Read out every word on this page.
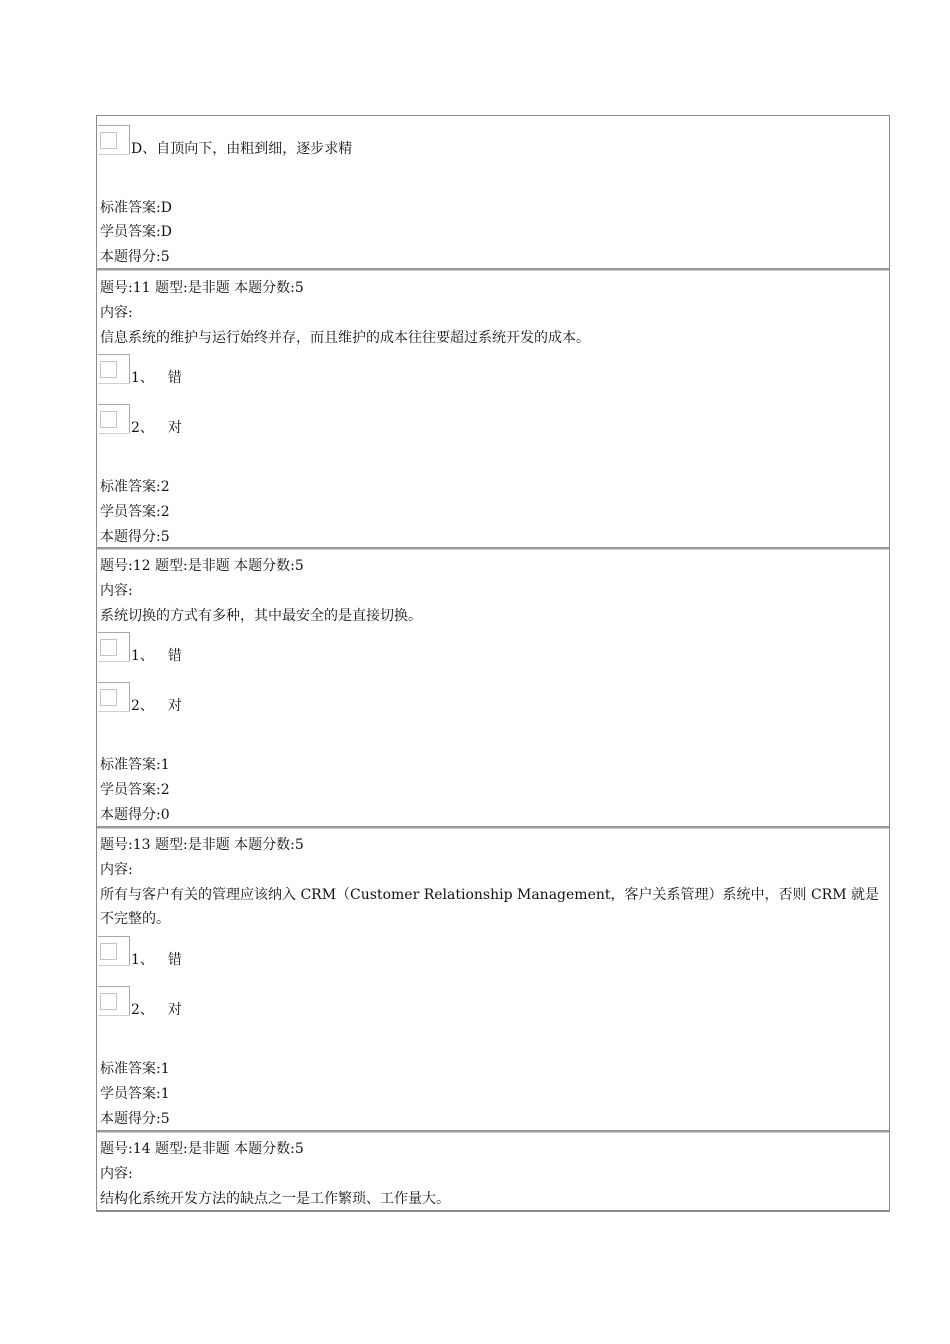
D、自顶向下，由粗到细，逐步求精
标准答案:D
学员答案:D
本题得分:5
题号:11 题型:是非题 本题分数:5
内容:
信息系统的维护与运行始终并存，而且维护的成本往往要超过系统开发的成本。
1、 错
2、 对
标准答案:2
学员答案:2
本题得分:5
题号:12 题型:是非题 本题分数:5
内容:
系统切换的方式有多种，其中最安全的是直接切换。
1、 错
2、 对
标准答案:1
学员答案:2
本题得分:0
题号:13 题型:是非题 本题分数:5
内容:
所有与客户有关的管理应该纳入 CRM（Customer Relationship Management，客户关系管理）系统中，否则 CRM 就是不完整的。
1、 错
2、 对
标准答案:1
学员答案:1
本题得分:5
题号:14 题型:是非题 本题分数:5
内容:
结构化系统开发方法的缺点之一是工作繁琐、工作量大。
